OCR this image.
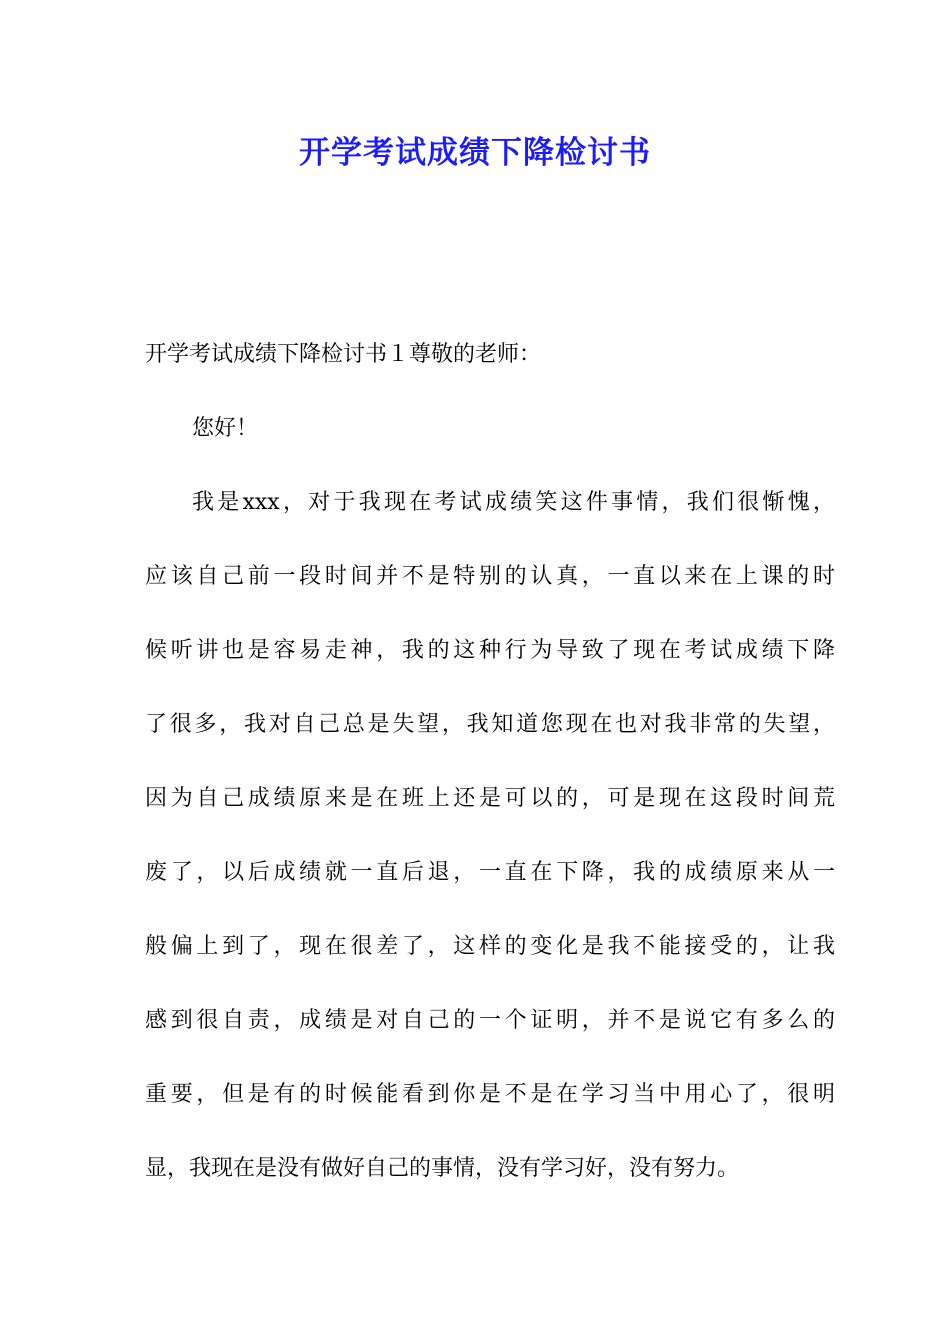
开学考试成绩下降检讨书
开学考试成绩下降检讨书１尊敬的老师：
您好！
我是xxx，对于我现在考试成绩笑这件事情，我们很惭愧，
应该自己前一段时间并不是特别的认真，一直以来在上课的时
候听讲也是容易走神，我的这种行为导致了现在考试成绩下降
了很多，我对自己总是失望，我知道您现在也对我非常的失望，
因为自己成绩原来是在班上还是可以的，可是现在这段时间荒
废了，以后成绩就一直后退，一直在下降，我的成绩原来从一
般偏上到了，现在很差了，这样的变化是我不能接受的，让我
感到很自责，成绩是对自己的一个证明，并不是说它有多么的
重要，但是有的时候能看到你是不是在学习当中用心了，很明
显，我现在是没有做好自己的事情，没有学习好，没有努力。
